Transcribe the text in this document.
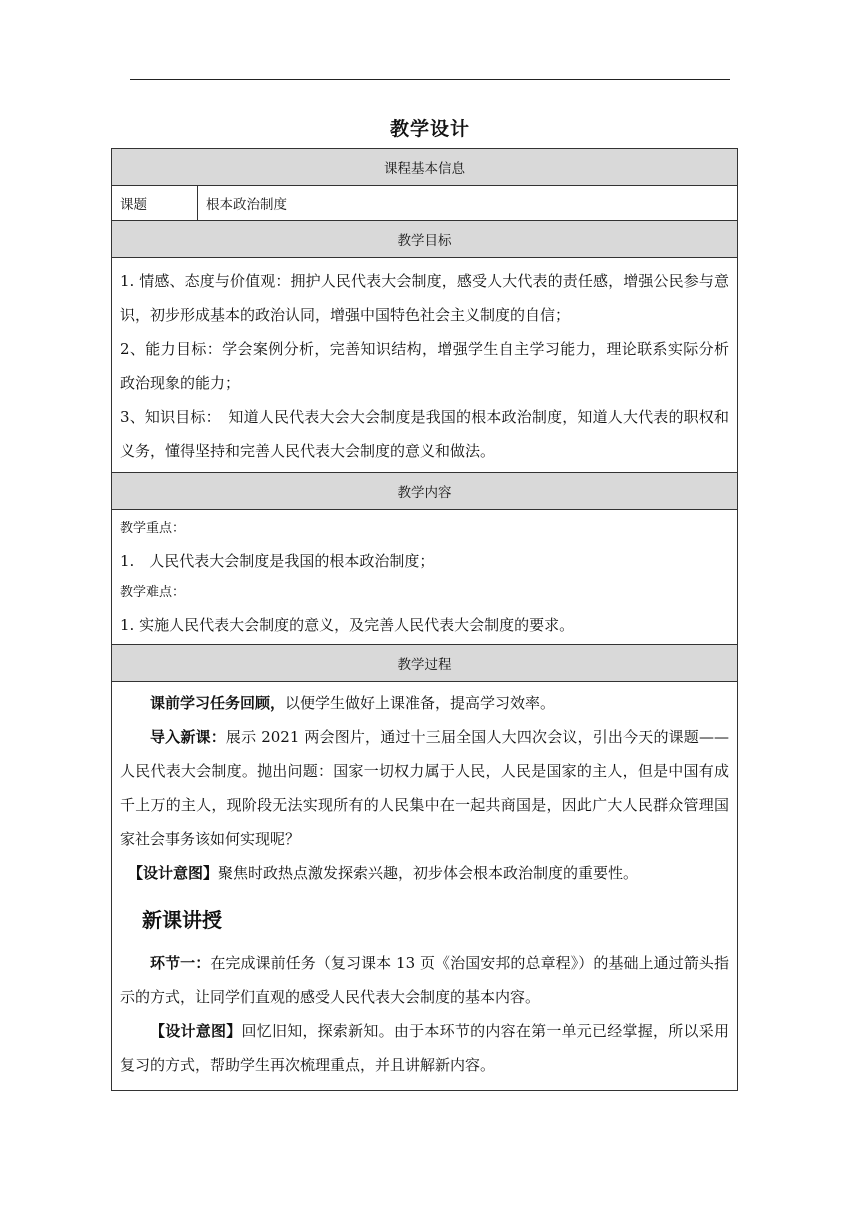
教学设计
课程基本信息
课题	根本政治制度
教学目标

1. 情感、态度与价值观：拥护人民代表大会制度，感受人大代表的责任感，增强公民参与意识，初步形成基本的政治认同，增强中国特色社会主义制度的自信；

2、能力目标：学会案例分析，完善知识结构，增强学生自主学习能力，理论联系实际分析政治现象的能力；

3、知识目标：　知道人民代表大会大会制度是我国的根本政治制度，知道人大代表的职权和义务，懂得坚持和完善人民代表大会制度的意义和做法。

教学内容

教学重点：

1.　人民代表大会制度是我国的根本政治制度；

教学难点：

1. 实施人民代表大会制度的意义，及完善人民代表大会制度的要求。

教学过程

课前学习任务回顾，以便学生做好上课准备，提高学习效率。

导入新课：展示 2021 两会图片，通过十三届全国人大四次会议，引出今天的课题——人民代表大会制度。抛出问题：国家一切权力属于人民，人民是国家的主人，但是中国有成千上万的主人，现阶段无法实现所有的人民集中在一起共商国是，因此广大人民群众管理国家社会事务该如何实现呢？

【设计意图】聚焦时政热点激发探索兴趣，初步体会根本政治制度的重要性。

新课讲授

环节一：在完成课前任务（复习课本 13 页《治国安邦的总章程》）的基础上通过箭头指示的方式，让同学们直观的感受人民代表大会制度的基本内容。

【设计意图】回忆旧知，探索新知。由于本环节的内容在第一单元已经掌握，所以采用复习的方式，帮助学生再次梳理重点，并且讲解新内容。
